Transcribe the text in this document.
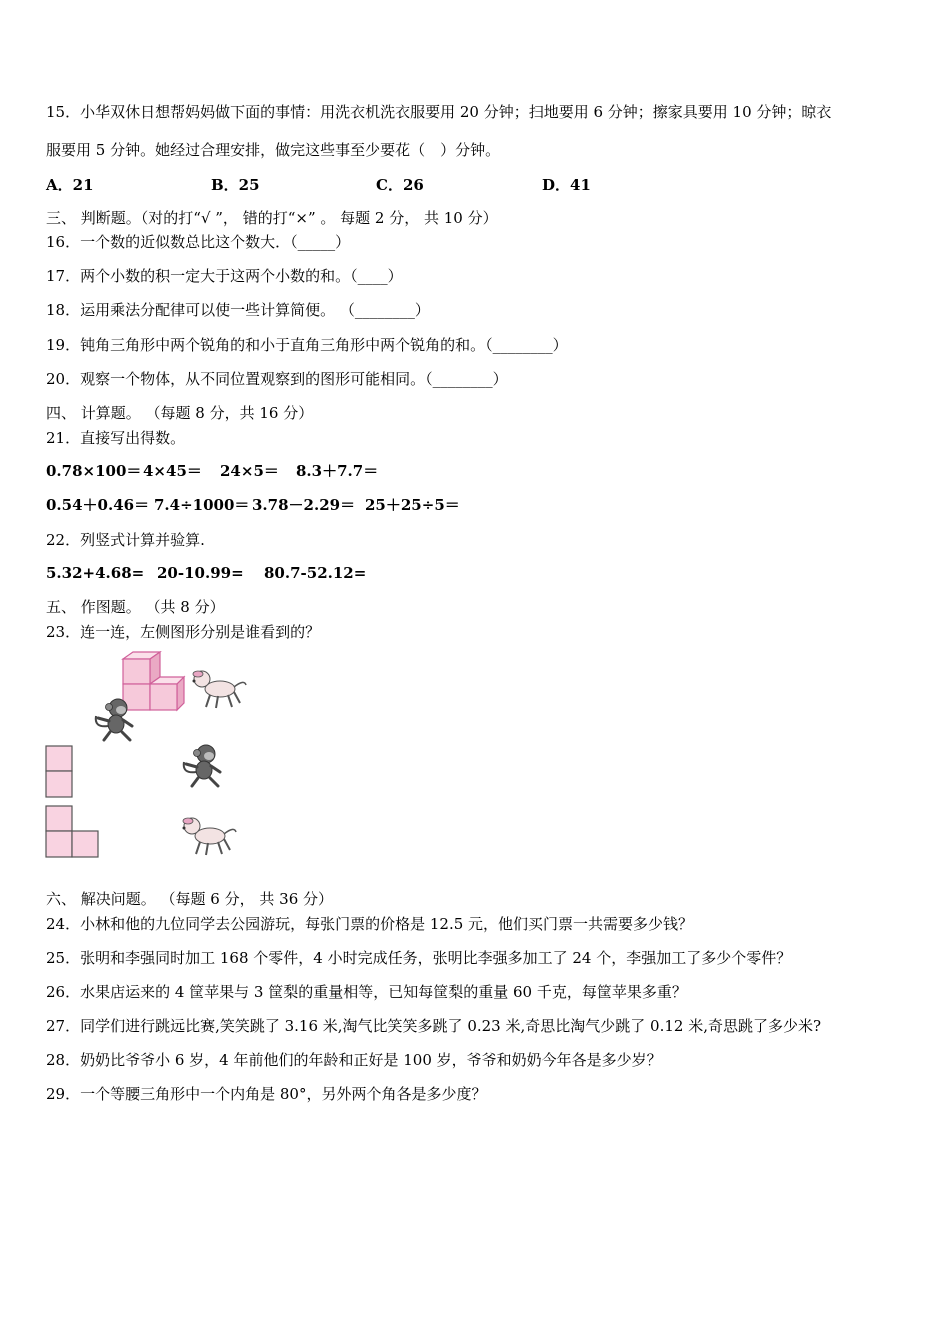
15．小华双休日想帮妈妈做下面的事情：用洗衣机洗衣服要用 20 分钟；扫地要用 6 分钟；擦家具要用 10 分钟；晾衣
服要用 5 分钟。她经过合理安排，做完这些事至少要花（　）分钟。
A．21	B．25	C．26	D．41
三、 判断题。（对的打“√ ”， 错的打“×” 。 每题 2 分， 共 10 分）
16．一个数的近似数总比这个数大．（_____）
17．两个小数的积一定大于这两个小数的和。（____）
18．运用乘法分配律可以使一些计算简便。 （________）
19．钝角三角形中两个锐角的和小于直角三角形中两个锐角的和。（________）
20．观察一个物体，从不同位置观察到的图形可能相同。（________）
四、 计算题。 （每题 8 分，共 16 分）
21．直接写出得数。
0.78×100＝ 4×45＝ 24×5＝ 8.3＋7.7＝
0.54＋0.46＝ 7.4÷1000＝ 3.78－2.29＝ 25＋25÷5＝
22．列竖式计算并验算.
5.32+4.68= 20-10.99= 80.7-52.12=
五、 作图题。 （共 8 分）
23．连一连，左侧图形分别是谁看到的？
六、 解决问题。 （每题 6 分， 共 36 分）
24．小林和他的九位同学去公园游玩，每张门票的价格是 12.5 元，他们买门票一共需要多少钱？
25．张明和李强同时加工 168 个零件，4 小时完成任务，张明比李强多加工了 24 个，李强加工了多少个零件？
26．水果店运来的 4 筐苹果与 3 筐梨的重量相等，已知每筐梨的重量 60 千克，每筐苹果多重？
27．同学们进行跳远比赛,笑笑跳了 3.16 米,淘气比笑笑多跳了 0.23 米,奇思比淘气少跳了 0.12 米,奇思跳了多少米?
28．奶奶比爷爷小 6 岁，4 年前他们的年龄和正好是 100 岁，爷爷和奶奶今年各是多少岁？
29．一个等腰三角形中一个内角是 80°，另外两个角各是多少度？
